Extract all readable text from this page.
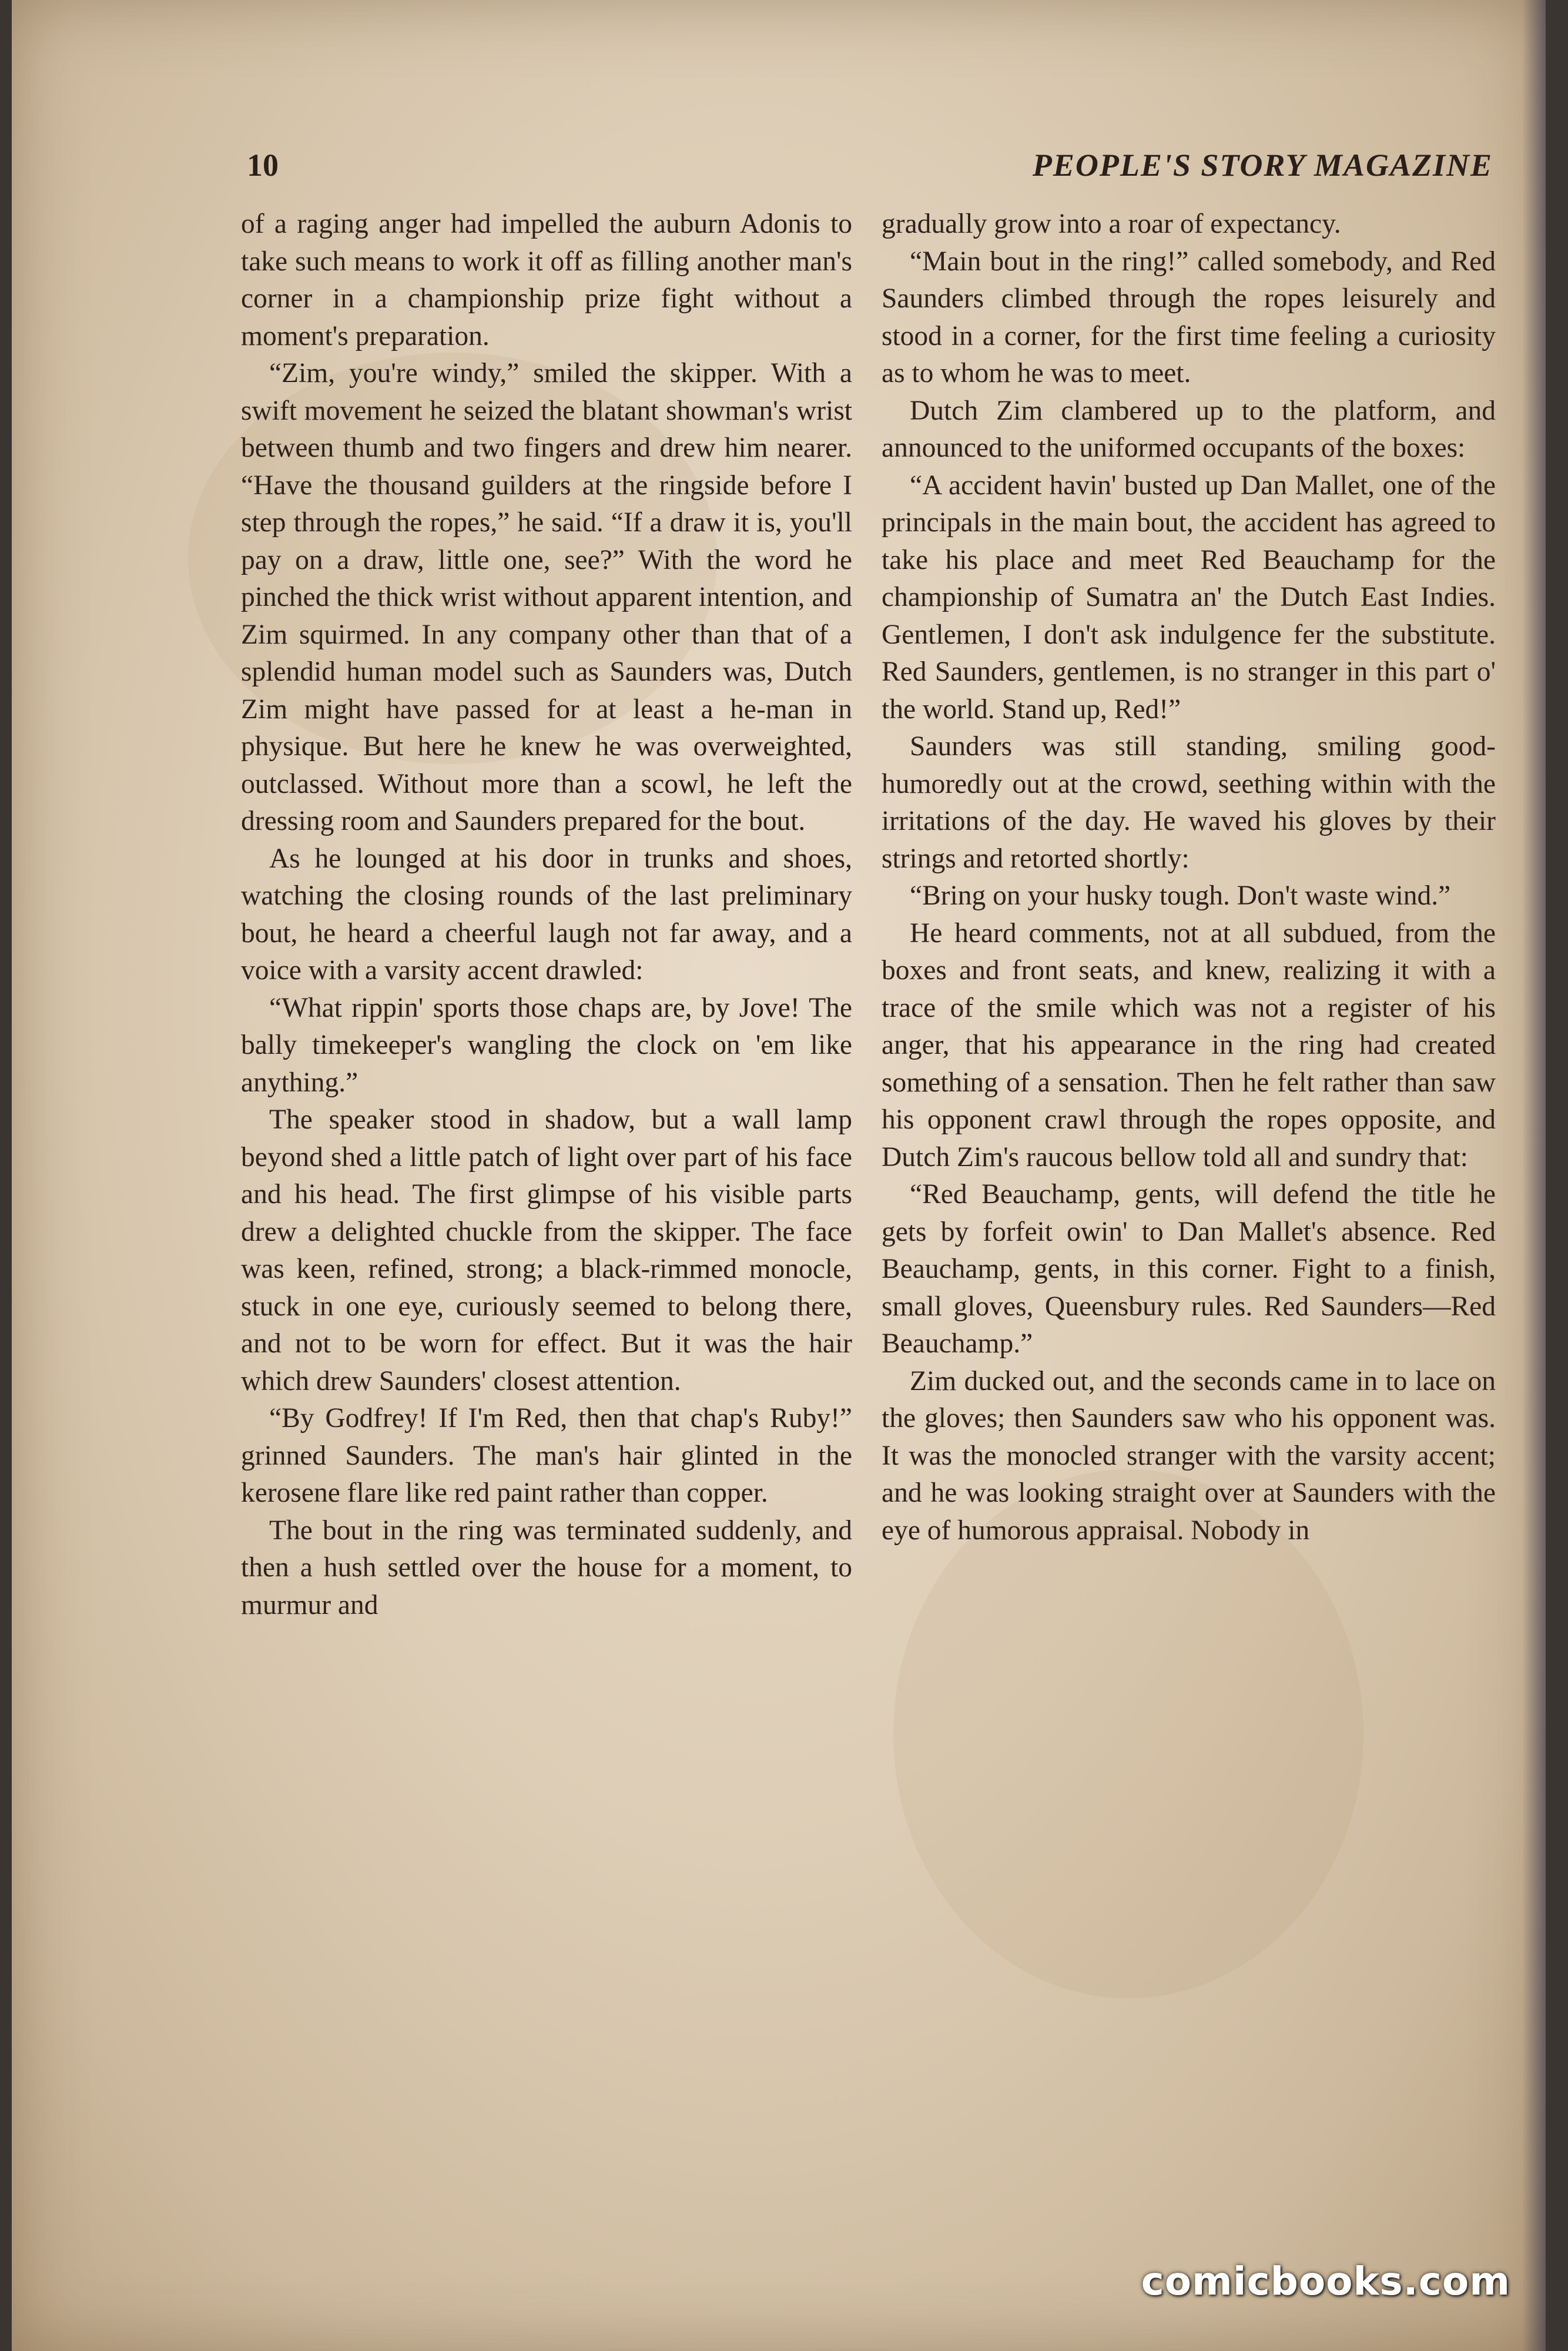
10	PEOPLE'S STORY MAGAZINE

of a raging anger had impelled the auburn Adonis to take such means to work it off as filling another man's corner in a championship prize fight without a moment's preparation.

“Zim, you're windy,” smiled the skipper. With a swift movement he seized the blatant showman's wrist between thumb and two fingers and drew him nearer. “Have the thousand guilders at the ringside before I step through the ropes,” he said. “If a draw it is, you'll pay on a draw, little one, see?” With the word he pinched the thick wrist without apparent intention, and Zim squirmed. In any company other than that of a splendid human model such as Saunders was, Dutch Zim might have passed for at least a he-man in physique. But here he knew he was overweighted, outclassed. Without more than a scowl, he left the dressing room and Saunders prepared for the bout.

As he lounged at his door in trunks and shoes, watching the closing rounds of the last preliminary bout, he heard a cheerful laugh not far away, and a voice with a varsity accent drawled:

“What rippin' sports those chaps are, by Jove! The bally timekeeper's wangling the clock on 'em like anything.”

The speaker stood in shadow, but a wall lamp beyond shed a little patch of light over part of his face and his head. The first glimpse of his visible parts drew a delighted chuckle from the skipper. The face was keen, refined, strong; a black-rimmed monocle, stuck in one eye, curiously seemed to belong there, and not to be worn for effect. But it was the hair which drew Saunders' closest attention.

“By Godfrey! If I'm Red, then that chap's Ruby!” grinned Saunders. The man's hair glinted in the kerosene flare like red paint rather than copper.

The bout in the ring was terminated suddenly, and then a hush settled over the house for a moment, to murmur and

gradually grow into a roar of expectancy.

“Main bout in the ring!” called somebody, and Red Saunders climbed through the ropes leisurely and stood in a corner, for the first time feeling a curiosity as to whom he was to meet.

Dutch Zim clambered up to the platform, and announced to the uniformed occupants of the boxes:

“A accident havin' busted up Dan Mallet, one of the principals in the main bout, the accident has agreed to take his place and meet Red Beauchamp for the championship of Sumatra an' the Dutch East Indies. Gentlemen, I don't ask indulgence fer the substitute. Red Saunders, gentlemen, is no stranger in this part o' the world. Stand up, Red!”

Saunders was still standing, smiling good-humoredly out at the crowd, seething within with the irritations of the day. He waved his gloves by their strings and retorted shortly:

“Bring on your husky tough. Don't waste wind.”

He heard comments, not at all subdued, from the boxes and front seats, and knew, realizing it with a trace of the smile which was not a register of his anger, that his appearance in the ring had created something of a sensation. Then he felt rather than saw his opponent crawl through the ropes opposite, and Dutch Zim's raucous bellow told all and sundry that:

“Red Beauchamp, gents, will defend the title he gets by forfeit owin' to Dan Mallet's absence. Red Beauchamp, gents, in this corner. Fight to a finish, small gloves, Queensbury rules. Red Saunders—Red Beauchamp.”

Zim ducked out, and the seconds came in to lace on the gloves; then Saunders saw who his opponent was. It was the monocled stranger with the varsity accent; and he was looking straight over at Saunders with the eye of humorous appraisal. Nobody in

comicbooks.com
